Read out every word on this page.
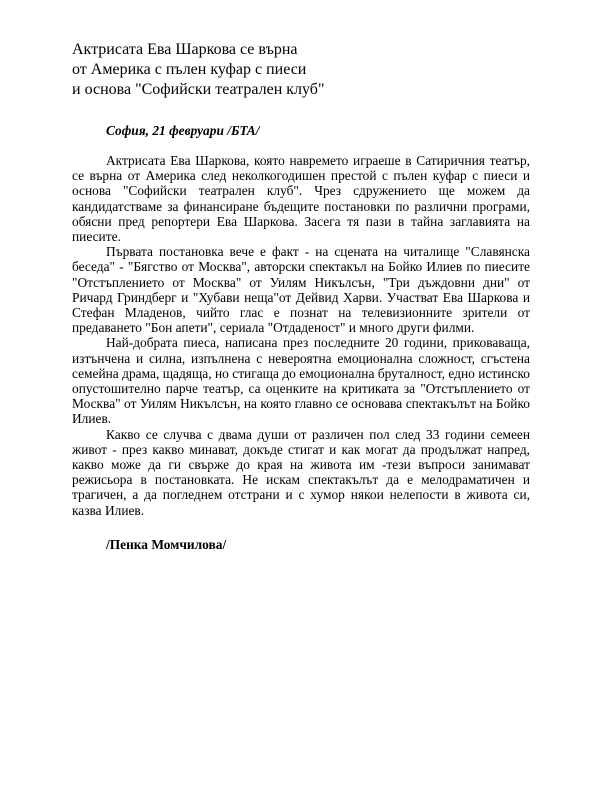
Актрисата Ева Шаркова се върна
от Америка с пълен куфар с пиеси
и основа "Софийски театрален клуб"

София, 21 февруари /БТА/

Актрисата Ева Шаркова, която навремето играеше в Сатиричния театър, се върна от Америка след неколкогодишен престой с пълен куфар с пиеси и основа "Софийски театрален клуб". Чрез сдружението ще можем да кандидатстваме за финансиране бъдещите постановки по различни програми, обясни пред репортери Ева Шаркова. Засега тя пази в тайна заглавията на пиесите.

Първата постановка вече е факт - на сцената на читалище "Славянска беседа" - "Бягство от Москва", авторски спектакъл на Бойко Илиев по пиесите "Отстъплението от Москва" от Уилям Никълсън, "Три дъждовни дни" от Ричард Гриндберг и "Хубави неща"от Дейвид Харви. Участват Ева Шаркова и Стефан Младенов, чийто глас е познат на телевизионните зрители от предаването "Бон апети", сериала "Отдаденост" и много други филми.

Най-добрата пиеса, написана през последните 20 години, приковаваща, изтънчена и силна, изпълнена с невероятна емоционална сложност, сгъстена семейна драма, щадяща, но стигаща до емоционална бруталност, едно истинско опустошително парче театър, са оценките на критиката за "Отстъплението от Москва" от Уилям Никълсън, на която главно се основава спектакълът на Бойко Илиев.

Какво се случва с двама души от различен пол след 33 години семеен живот - през какво минават, докъде стигат и как могат да продължат напред, какво може да ги свърже до края на живота им -тези въпроси занимават режисьора в постановката. Не искам спектакълът да е мелодраматичен и трагичен, а да погледнем отстрани и с хумор някои нелепости в живота си, казва Илиев.

/Пенка Момчилова/
